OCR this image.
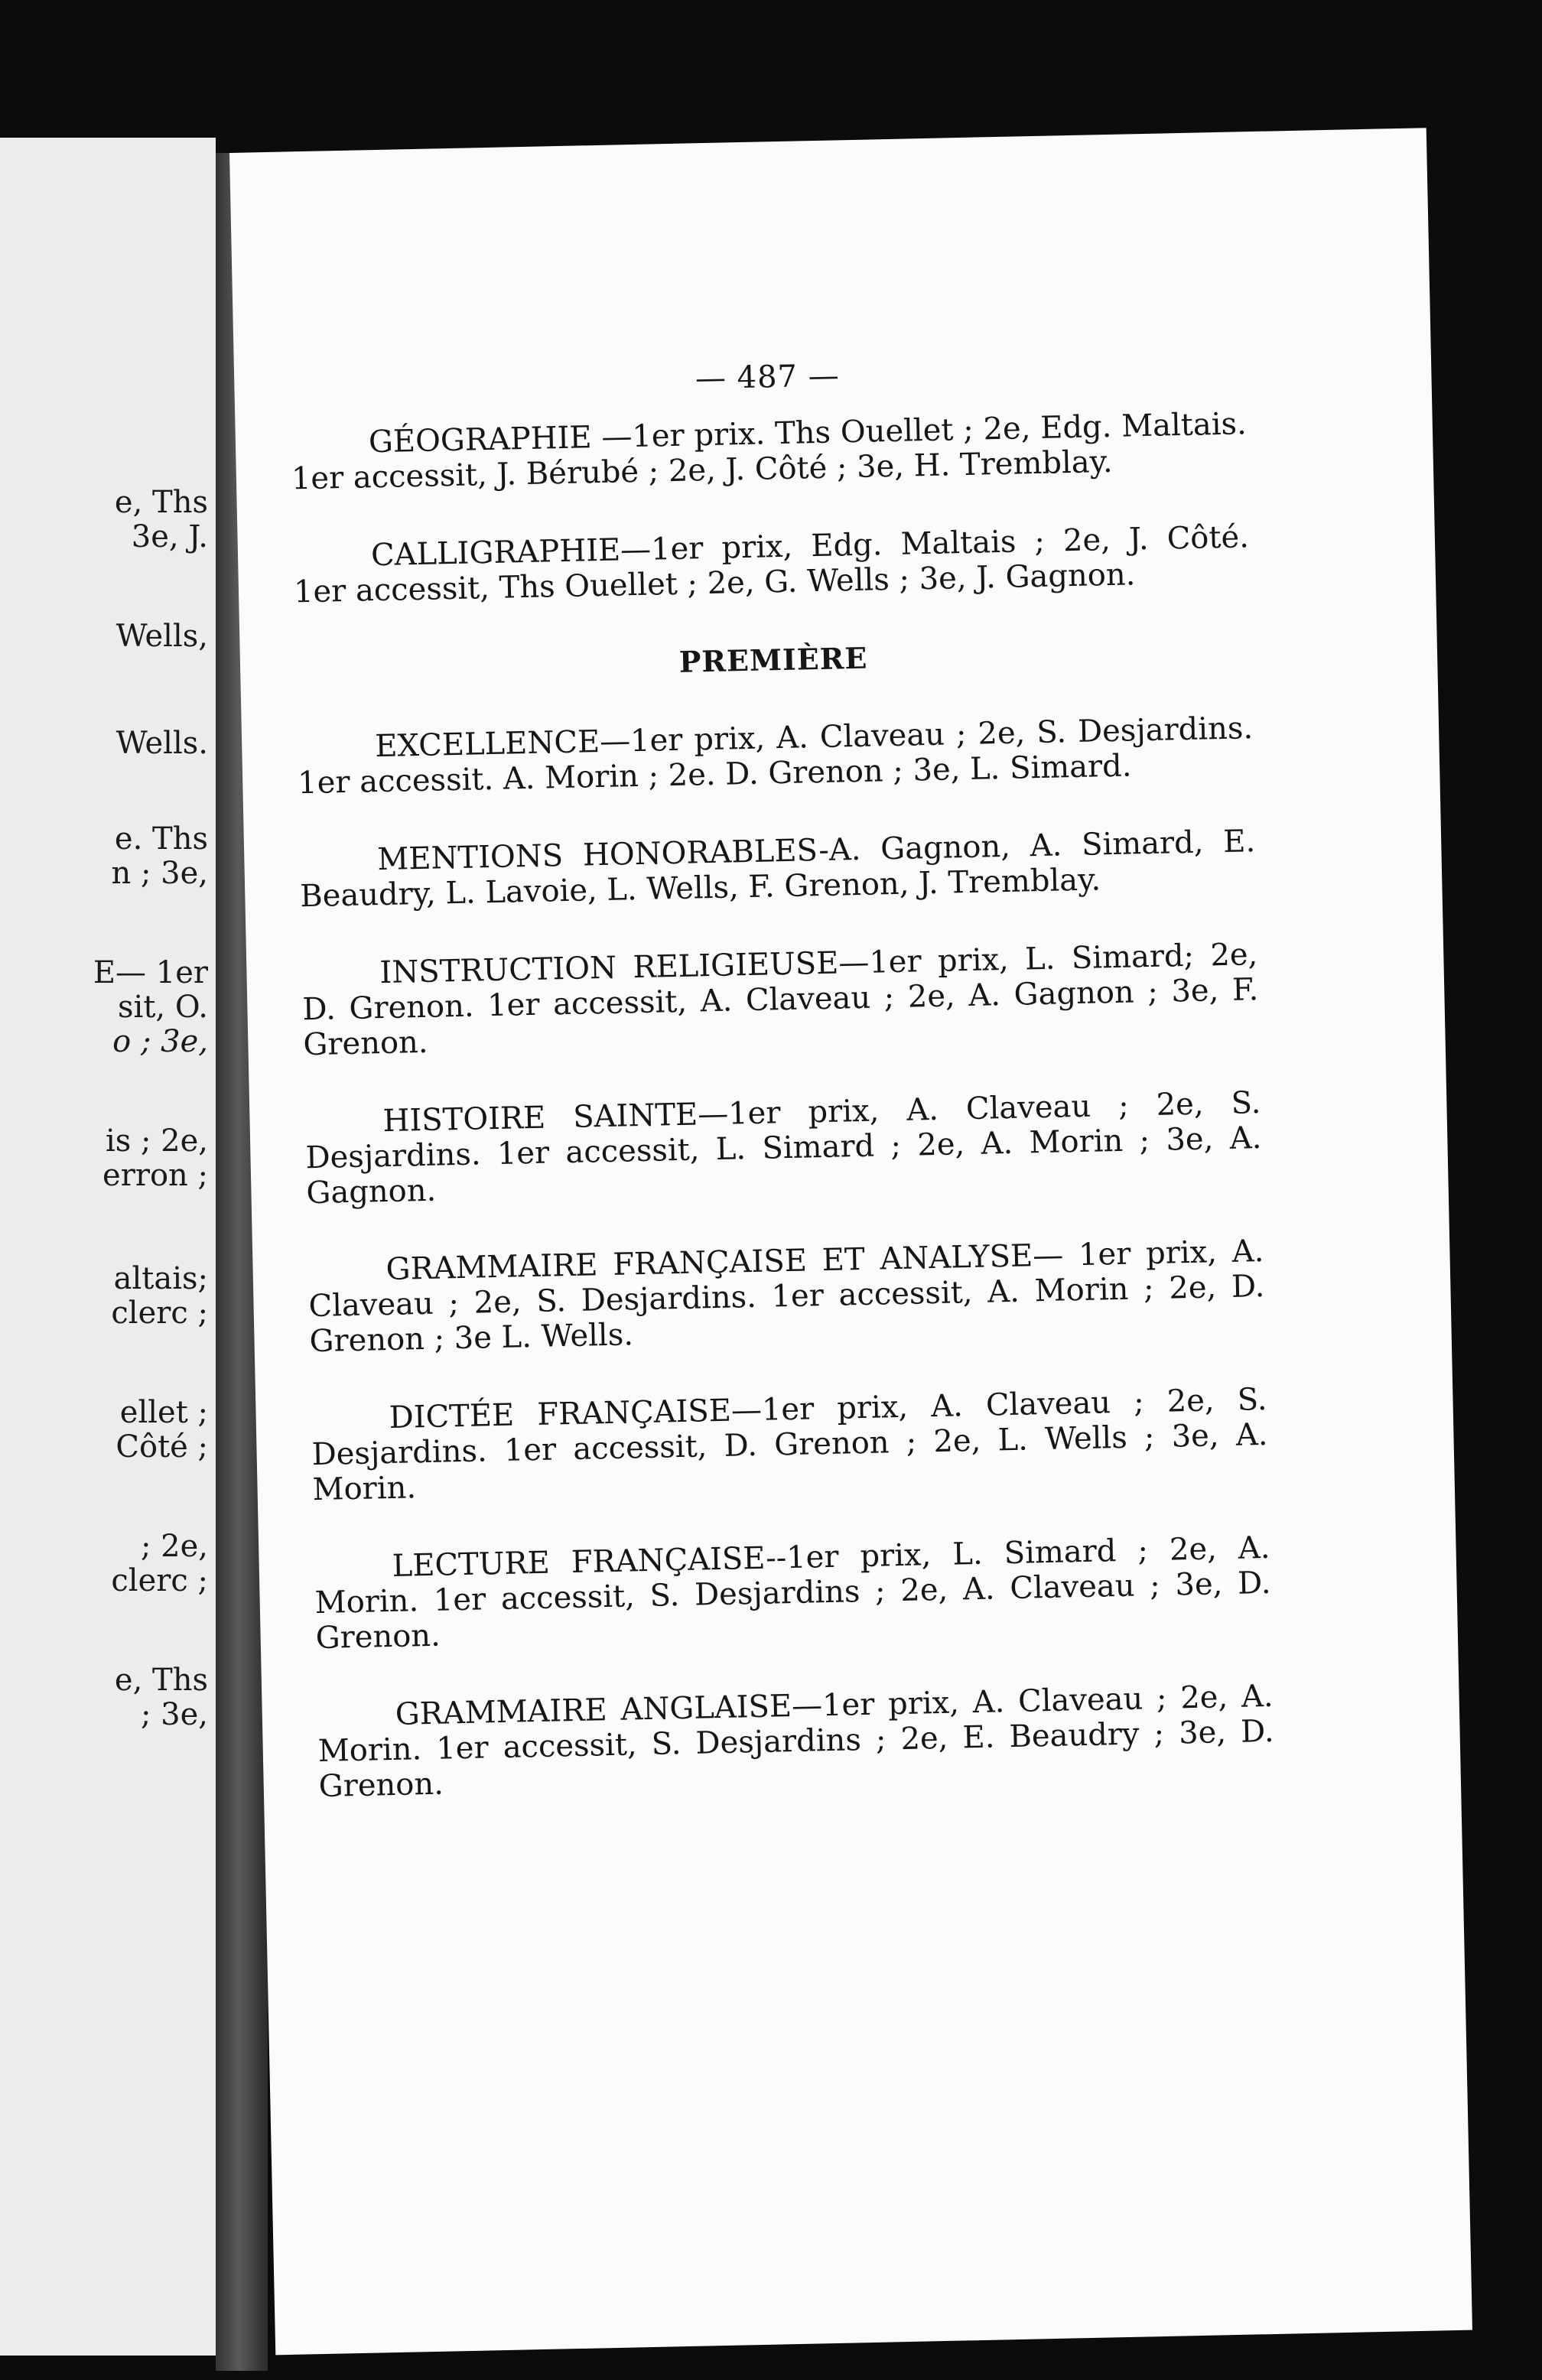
e, Ths
3e, J.
Wells,
Wells.
e. Ths
n ; 3e,
E— 1er
sit, O.
o ; 3e,
is ; 2e,
erron ;
altais;
clerc ;
ellet ;
Côté ;
; 2e,
clerc ;
e, Ths
; 3e,
— 487 —

GÉOGRAPHIE —1er prix. Ths Ouellet ; 2e, Edg. Maltais. 1er accessit, J. Bérubé ; 2e, J. Côté ; 3e, H. Tremblay.

CALLIGRAPHIE—1er prix, Edg. Maltais ; 2e, J. Côté. 1er accessit, Ths Ouellet ; 2e, G. Wells ; 3e, J. Gagnon.

PREMIÈRE

EXCELLENCE—1er prix, A. Claveau ; 2e, S. Desjardins. 1er accessit. A. Morin ; 2e. D. Grenon ; 3e, L. Simard.

MENTIONS HONORABLES-A. Gagnon, A. Simard, E. Beaudry, L. Lavoie, L. Wells, F. Grenon, J. Tremblay.

INSTRUCTION RELIGIEUSE—1er prix, L. Simard; 2e, D. Grenon. 1er accessit, A. Claveau ; 2e, A. Gagnon ; 3e, F. Grenon.

HISTOIRE SAINTE—1er prix, A. Claveau ; 2e, S. Desjardins. 1er accessit, L. Simard ; 2e, A. Morin ; 3e, A. Gagnon.

GRAMMAIRE FRANÇAISE ET ANALYSE— 1er prix, A. Claveau ; 2e, S. Desjardins. 1er accessit, A. Morin ; 2e, D. Grenon ; 3e L. Wells.

DICTÉE FRANÇAISE—1er prix, A. Claveau ; 2e, S. Desjardins. 1er accessit, D. Grenon ; 2e, L. Wells ; 3e, A. Morin.

LECTURE FRANÇAISE--1er prix, L. Simard ; 2e, A. Morin. 1er accessit, S. Desjardins ; 2e, A. Claveau ; 3e, D. Grenon.

GRAMMAIRE ANGLAISE—1er prix, A. Claveau ; 2e, A. Morin. 1er accessit, S. Desjardins ; 2e, E. Beaudry ; 3e, D. Grenon.
